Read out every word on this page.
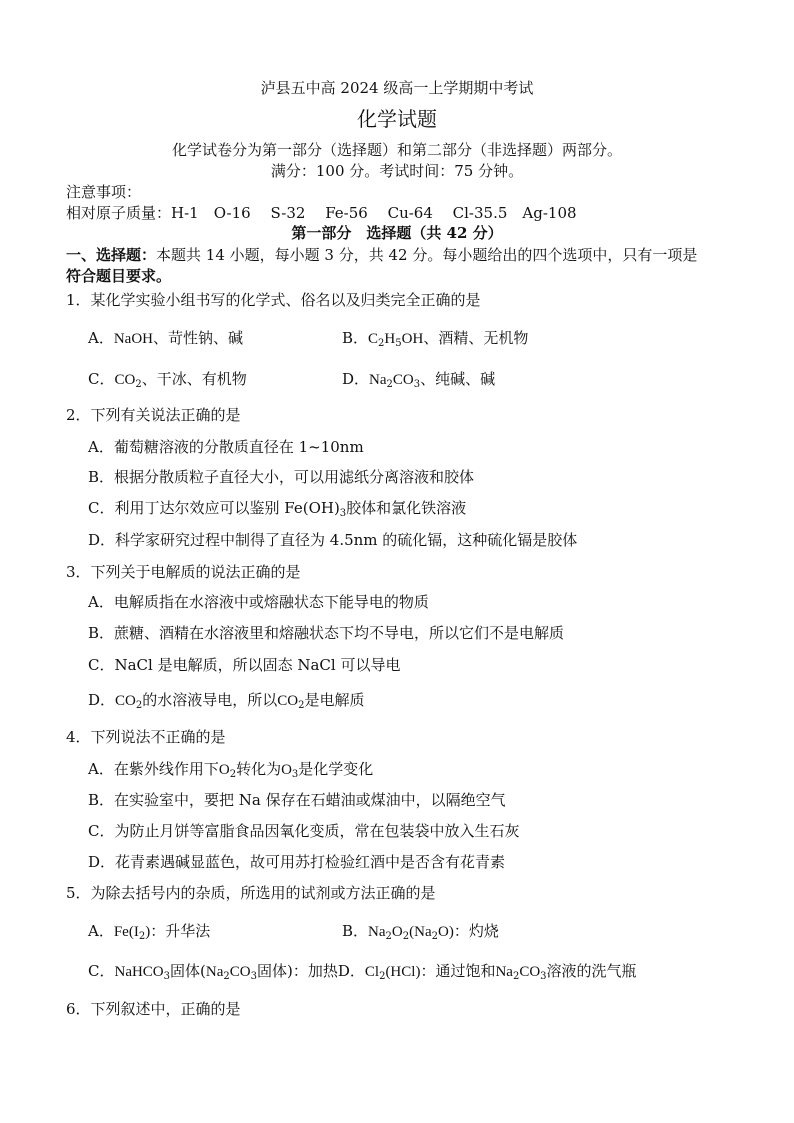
泸县五中高 2024 级高一上学期期中考试
化学试题
化学试卷分为第一部分（选择题）和第二部分（非选择题）两部分。
满分：100 分。考试时间：75 分钟。
注意事项：
相对原子质量：H-1　O-16　 S-32　 Fe-56　 Cu-64　 Cl-35.5　Ag-108
第一部分　选择题（共 42 分）
一、选择题：本题共 14 小题，每小题 3 分，共 42 分。每小题给出的四个选项中，只有一项是
符合题目要求。
1．某化学实验小组书写的化学式、俗名以及归类完全正确的是
A．NaOH、苛性钠、碱	B．$C_2H_5OH$、酒精、无机物
C．$CO_2$、干冰、有机物	D．$Na_2CO_3$、纯碱、碱
2．下列有关说法正确的是
A．葡萄糖溶液的分散质直径在 1~10nm
B．根据分散质粒子直径大小，可以用滤纸分离溶液和胶体
C．利用丁达尔效应可以鉴别 $Fe(OH)_3$胶体和氯化铁溶液
D．科学家研究过程中制得了直径为 4.5nm 的硫化镉，这种硫化镉是胶体
3．下列关于电解质的说法正确的是
A．电解质指在水溶液中或熔融状态下能导电的物质
B．蔗糖、酒精在水溶液里和熔融状态下均不导电，所以它们不是电解质
C．NaCl 是电解质，所以固态 NaCl 可以导电
D．$CO_2$的水溶液导电，所以$CO_2$是电解质
4．下列说法不正确的是
A．在紫外线作用下$O_2$转化为$O_3$是化学变化
B．在实验室中，要把 Na 保存在石蜡油或煤油中，以隔绝空气
C．为防止月饼等富脂食品因氧化变质，常在包装袋中放入生石灰
D．花青素遇碱显蓝色，故可用苏打检验红酒中是否含有花青素
5．为除去括号内的杂质，所选用的试剂或方法正确的是
A．$Fe(I_2)$：升华法	B．$Na_2O_2(Na_2O)$：灼烧
C．NaHCO$_3$固体($Na_2CO_3$固体)：加热D．$Cl_2(HCl)$：通过饱和$Na_2CO_3$溶液的洗气瓶
6．下列叙述中，正确的是
